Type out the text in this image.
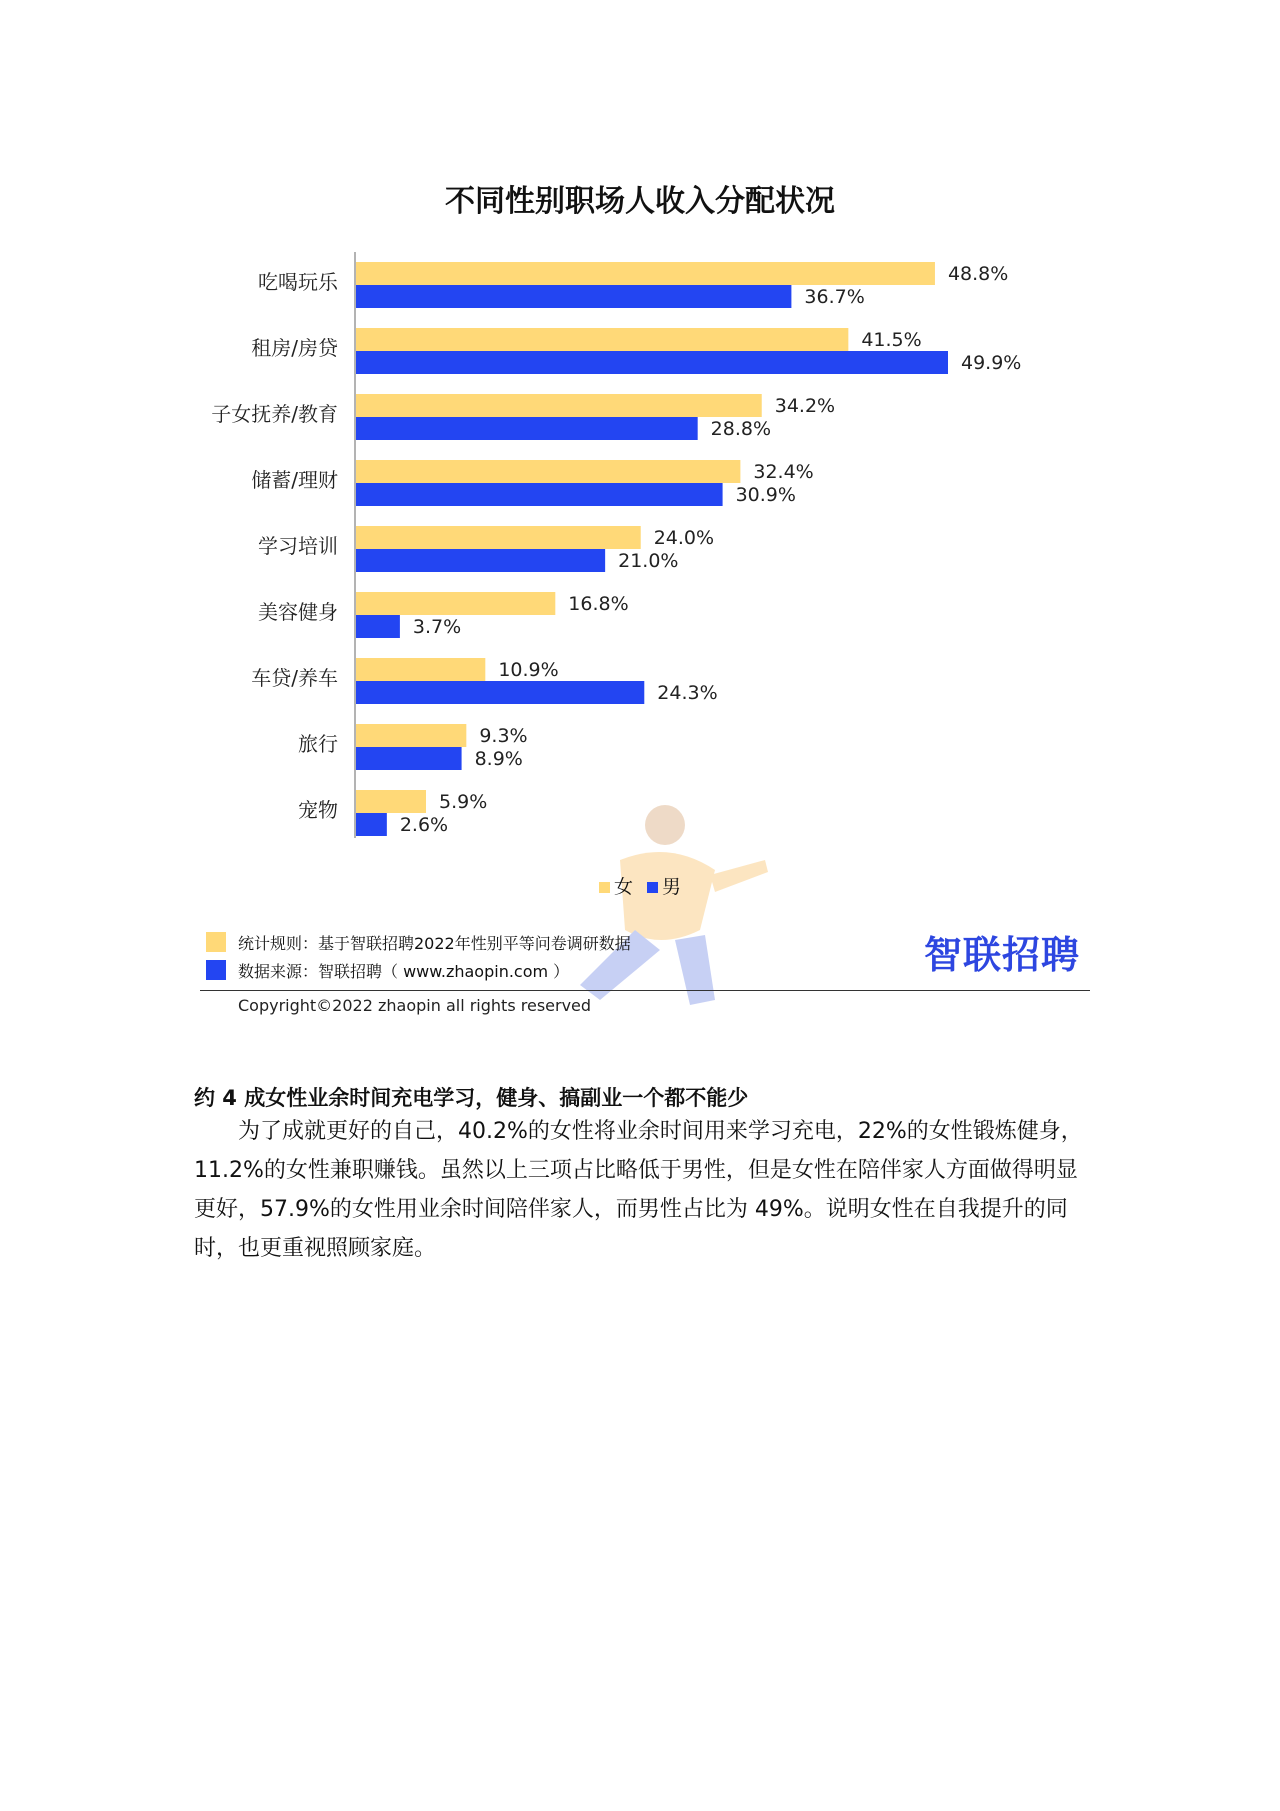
不同性别职场人收入分配状况
吃喝玩乐	48.8%
36.7%
租房/房贷	41.5%
49.9%
子女抚养/教育	34.2%
28.8%
储蓄/理财	32.4%
30.9%
学习培训	24.0%
21.0%
美容健身	16.8%
3.7%
车贷/养车	10.9%
24.3%
旅行	9.3%
8.9%
宠物	5.9%
2.6%
女 男
统计规则：基于智联招聘2022年性别平等问卷调研数据
数据来源：智联招聘（ www.zhaopin.com ）	智联招聘
Copyright©2022 zhaopin all rights reserved
约 4 成女性业余时间充电学习，健身、搞副业一个都不能少
为了成就更好的自己，40.2%的女性将业余时间用来学习充电，22%的女性锻炼健身，11.2%的女性兼职赚钱。虽然以上三项占比略低于男性，但是女性在陪伴家人方面做得明显更好，57.9%的女性用业余时间陪伴家人，而男性占比为 49%。说明女性在自我提升的同时，也更重视照顾家庭。
